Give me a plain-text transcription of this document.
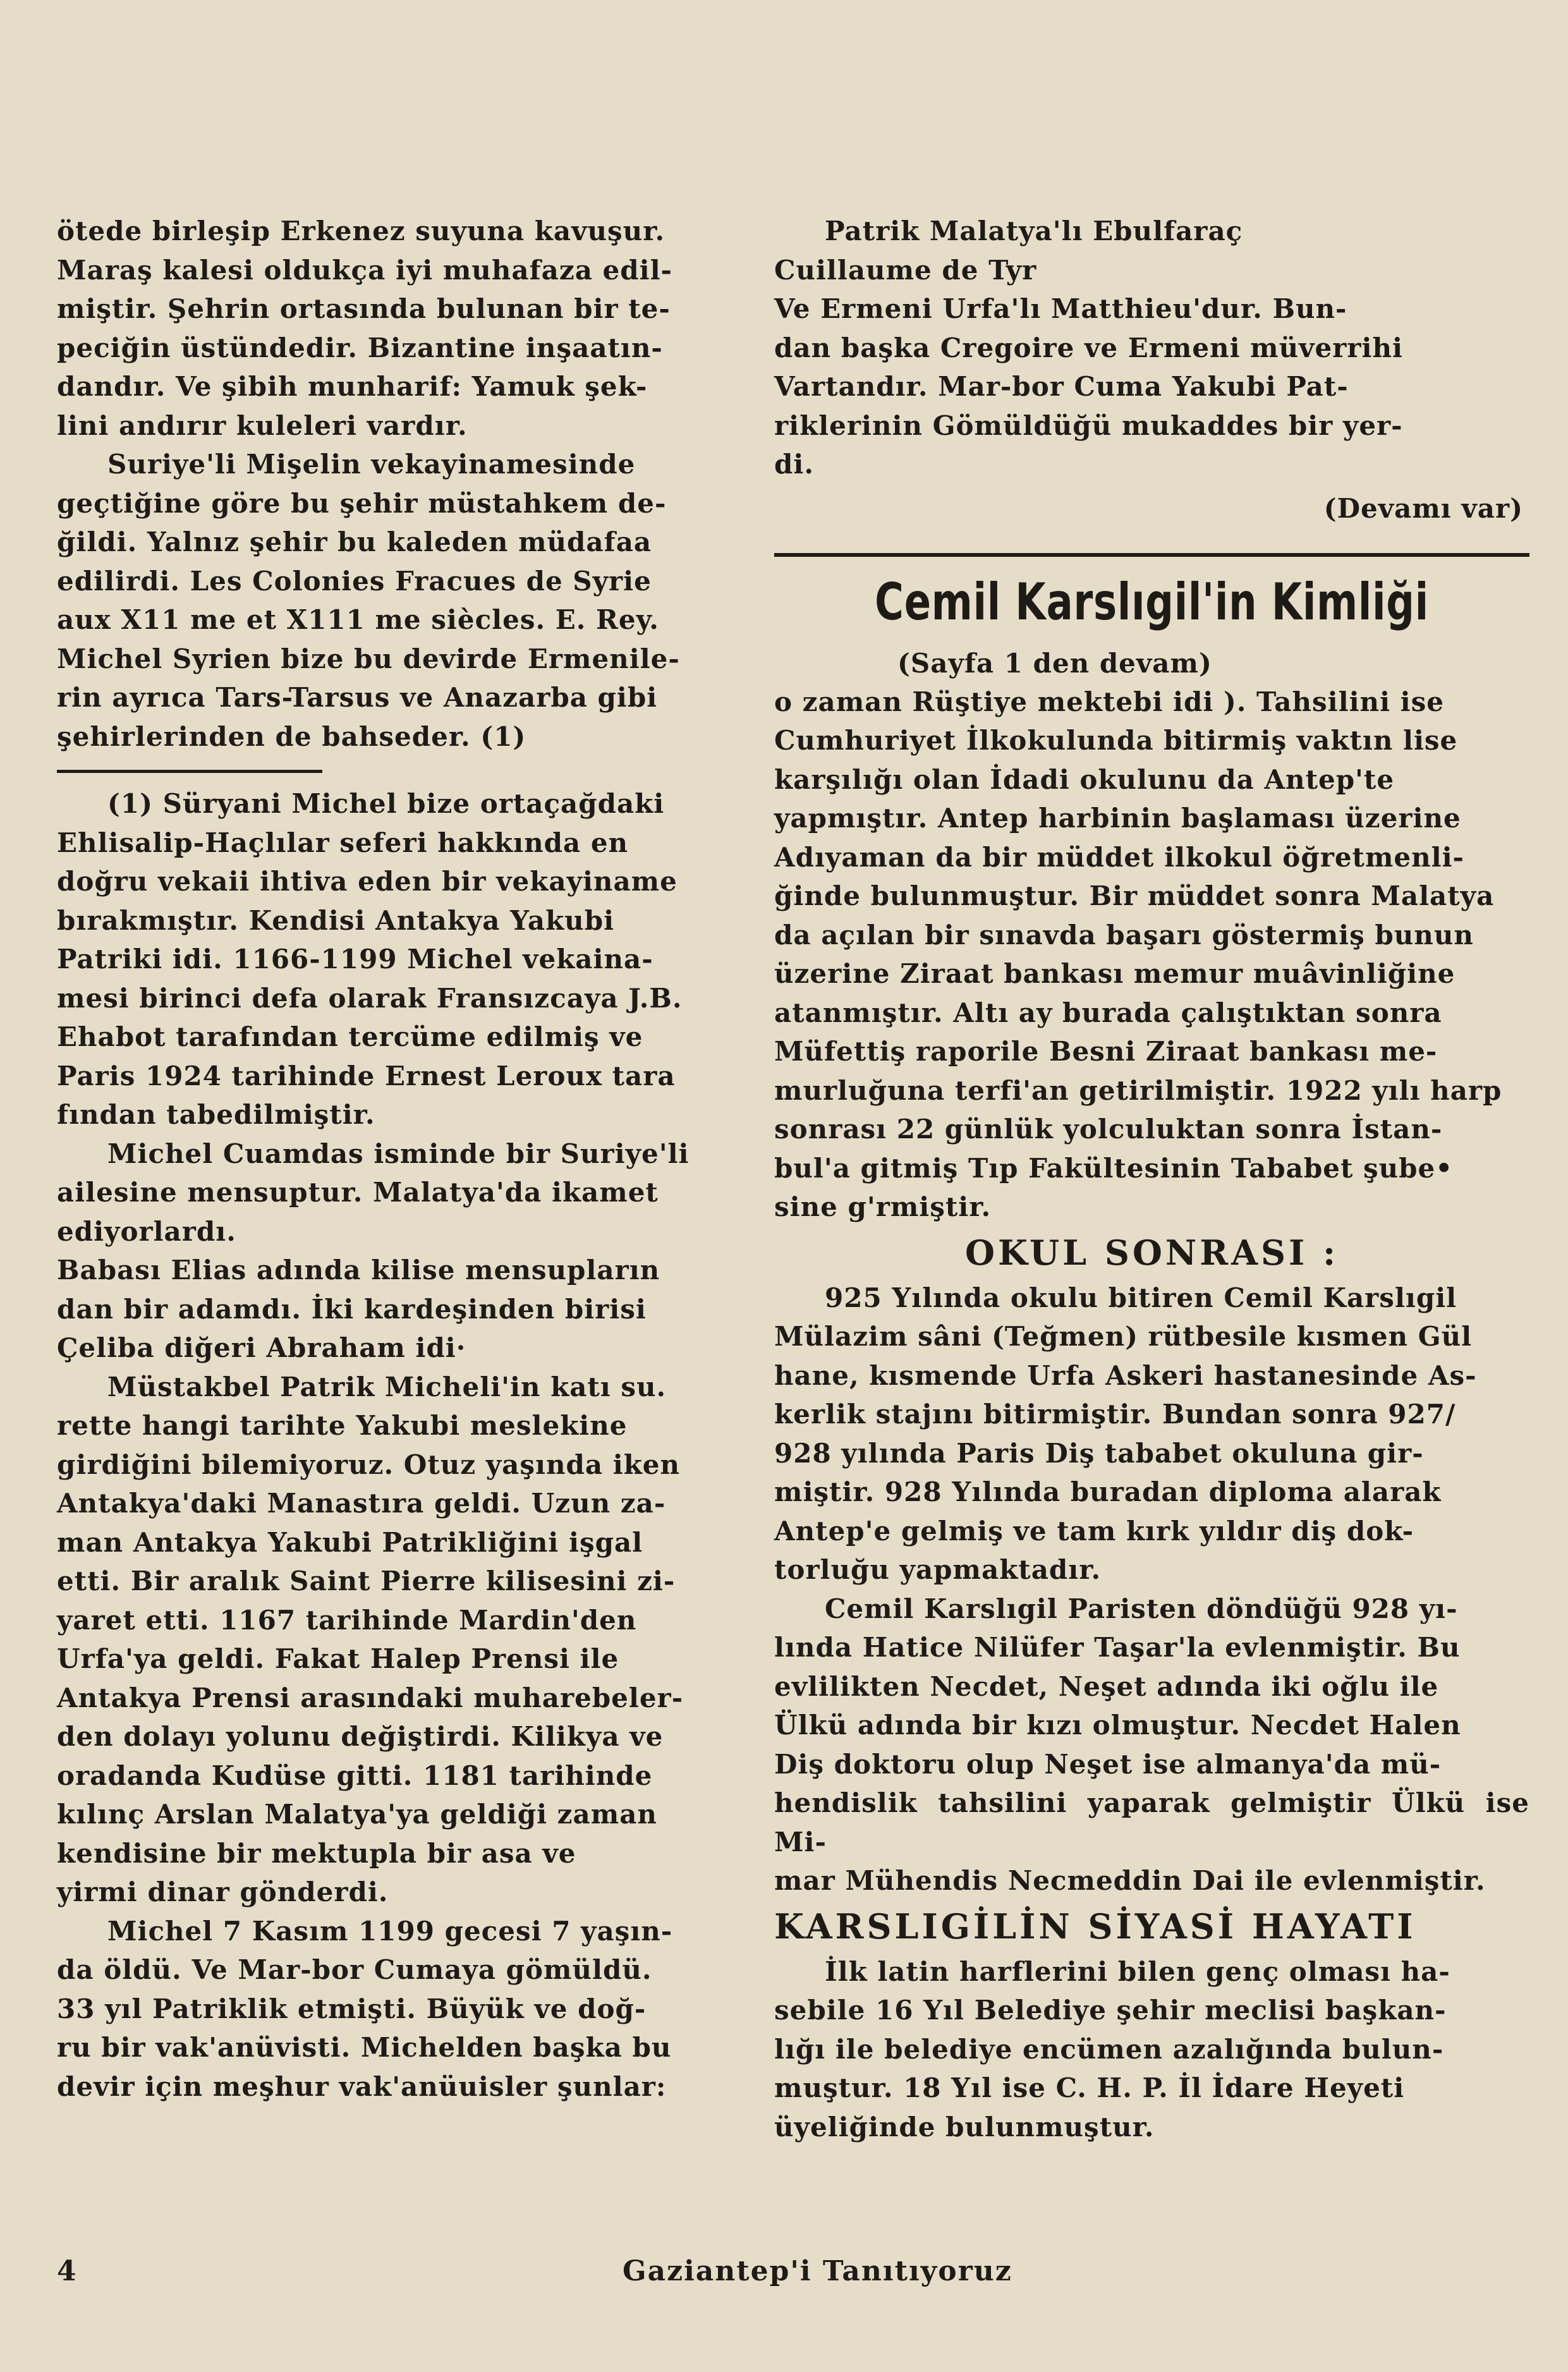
ötede birleşip Erkenez suyuna kavuşur.
Maraş kalesi oldukça iyi muhafaza edil-
miştir. Şehrin ortasında bulunan bir te-
peciğin üstündedir. Bizantine inşaatın-
dandır. Ve şibih munharif: Yamuk şek-
lini andırır kuleleri vardır.

Suriye'li Mişelin vekayinamesinde
geçtiğine göre bu şehir müstahkem de-
ğildi. Yalnız şehir bu kaleden müdafaa
edilirdi. Les Colonies Fracues de Syrie
aux X11 me et X111 me siècles. E. Rey.
Michel Syrien bize bu devirde Ermenile-
rin ayrıca Tars-Tarsus ve Anazarba gibi
şehirlerinden de bahseder. (1)

(1) Süryani Michel bize ortaçağdaki
Ehlisalip-Haçlılar seferi hakkında en
doğru vekaii ihtiva eden bir vekayiname
bırakmıştır. Kendisi Antakya Yakubi
Patriki idi. 1166-1199 Michel vekaina-
mesi birinci defa olarak Fransızcaya J.B.
Ehabot tarafından tercüme edilmiş ve
Paris 1924 tarihinde Ernest Leroux tara
fından tabedilmiştir.

Michel Cuamdas isminde bir Suriye'li
ailesine mensuptur. Malatya'da ikamet
ediyorlardı.

Babası Elias adında kilise mensupların
dan bir adamdı. İki kardeşinden birisi
Çeliba diğeri Abraham idi·

Müstakbel Patrik Micheli'in katı su.
rette hangi tarihte Yakubi meslekine
girdiğini bilemiyoruz. Otuz yaşında iken
Antakya'daki Manastıra geldi. Uzun za-
man Antakya Yakubi Patrikliğini işgal
etti. Bir aralık Saint Pierre kilisesini zi-
yaret etti. 1167 tarihinde Mardin'den
Urfa'ya geldi. Fakat Halep Prensi ile
Antakya Prensi arasındaki muharebeler-
den dolayı yolunu değiştirdi. Kilikya ve
oradanda Kudüse gitti. 1181 tarihinde
kılınç Arslan Malatya'ya geldiği zaman
kendisine bir mektupla bir asa ve
yirmi dinar gönderdi.

Michel 7 Kasım 1199 gecesi 7 yaşın-
da öldü. Ve Mar-bor Cumaya gömüldü.
33 yıl Patriklik etmişti. Büyük ve doğ-
ru bir vak'anüvisti. Michelden başka bu
devir için meşhur vak'anüuisler şunlar:

Patrik Malatya'lı Ebulfaraç
Cuillaume de Tyr
Ve Ermeni Urfa'lı Matthieu'dur. Bun-
dan başka Cregoire ve Ermeni müverrihi
Vartandır. Mar-bor Cuma Yakubi Pat-
riklerinin Gömüldüğü mukaddes bir yer-
di.

(Devamı var)
Cemil Karslıgil'in Kimliği
(Sayfa 1 den devam)

o zaman Rüştiye mektebi idi ). Tahsilini ise
Cumhuriyet İlkokulunda bitirmiş vaktın lise
karşılığı olan İdadi okulunu da Antep'te
yapmıştır. Antep harbinin başlaması üzerine
Adıyaman da bir müddet ilkokul öğretmenli-
ğinde bulunmuştur. Bir müddet sonra Malatya
da açılan bir sınavda başarı göstermiş bunun
üzerine Ziraat bankası memur muâvinliğine
atanmıştır. Altı ay burada çalıştıktan sonra
Müfettiş raporile Besni Ziraat bankası me-
murluğuna terfi'an getirilmiştir. 1922 yılı harp
sonrası 22 günlük yolculuktan sonra İstan-
bul'a gitmiş Tıp Fakültesinin Tababet şube•
sine g'rmiştir.

OKUL SONRASI :

925 Yılında okulu bitiren Cemil Karslıgil
Mülazim sâni (Teğmen) rütbesile kısmen Gül
hane, kısmende Urfa Askeri hastanesinde As-
kerlik stajını bitirmiştir. Bundan sonra 927/
928 yılında Paris Diş tababet okuluna gir-
miştir. 928 Yılında buradan diploma alarak
Antep'e gelmiş ve tam kırk yıldır diş dok-
torluğu yapmaktadır.

Cemil Karslıgil Paristen döndüğü 928 yı-
lında Hatice Nilüfer Taşar'la evlenmiştir. Bu
evlilikten Necdet, Neşet adında iki oğlu ile
Ülkü adında bir kızı olmuştur. Necdet Halen
Diş doktoru olup Neşet ise almanya'da mü-
hendislik tahsilini yaparak gelmiştir Ülkü ise Mi-
mar Mühendis Necmeddin Dai ile evlenmiştir.

KARSLIGİLİN SİYASİ HAYATI

İlk latin harflerini bilen genç olması ha-
sebile 16 Yıl Belediye şehir meclisi başkan-
lığı ile belediye encümen azalığında bulun-
muştur. 18 Yıl ise C. H. P. İl İdare Heyeti
üyeliğinde bulunmuştur.

4	Gaziantep'i Tanıtıyoruz
